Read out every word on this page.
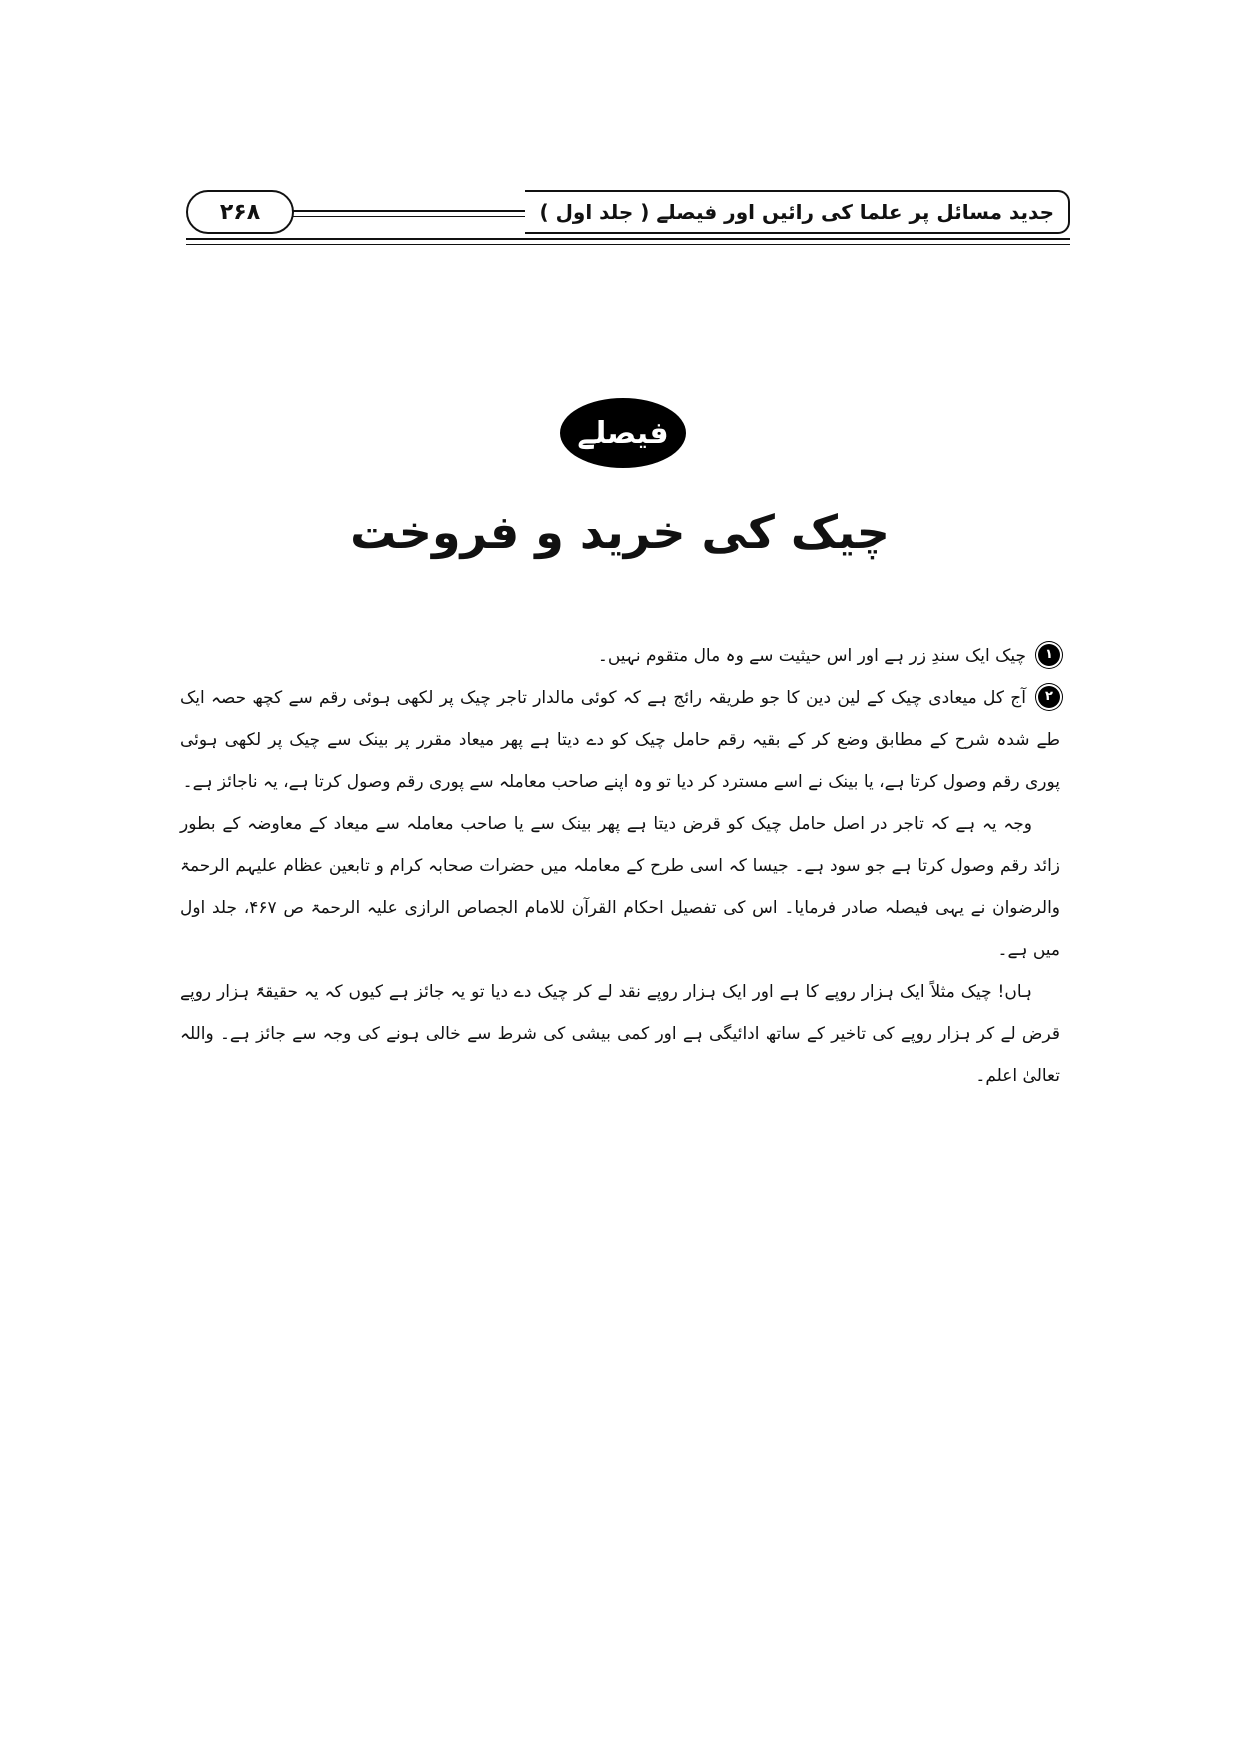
۲۶۸	جدید مسائل پر علما کی رائیں اور فیصلے ( جلد اول )
فیصلے
چیک کی خرید و فروخت

۱چیک ایک سندِ زر ہے اور اس حیثیت سے وہ مال متقوم نہیں۔

۲آج کل میعادی چیک کے لین دین کا جو طریقہ رائج ہے کہ کوئی مالدار تاجر چیک پر لکھی ہوئی رقم سے کچھ حصہ ایک طے شدہ شرح کے مطابق وضع کر کے بقیہ رقم حامل چیک کو دے دیتا ہے پھر میعاد مقرر پر بینک سے چیک پر لکھی ہوئی پوری رقم وصول کرتا ہے، یا بینک نے اسے مسترد کر دیا تو وہ اپنے صاحب معاملہ سے پوری رقم وصول کرتا ہے، یہ ناجائز ہے۔

وجہ یہ ہے کہ تاجر در اصل حامل چیک کو قرض دیتا ہے پھر بینک سے یا صاحب معاملہ سے میعاد کے معاوضہ کے بطور زائد رقم وصول کرتا ہے جو سود ہے۔ جیسا کہ اسی طرح کے معاملہ میں حضرات صحابہ کرام و تابعین عظام علیہم الرحمۃ والرضوان نے یہی فیصلہ صادر فرمایا۔ اس کی تفصیل احکام القرآن للامام الجصاص الرازی علیہ الرحمۃ ص ۴۶۷، جلد اول میں ہے۔

ہاں! چیک مثلاً ایک ہزار روپے کا ہے اور ایک ہزار روپے نقد لے کر چیک دے دیا تو یہ جائز ہے کیوں کہ یہ حقیقۃً ہزار روپے قرض لے کر ہزار روپے کی تاخیر کے ساتھ ادائیگی ہے اور کمی بیشی کی شرط سے خالی ہونے کی وجہ سے جائز ہے۔ واللہ تعالیٰ اعلم۔
